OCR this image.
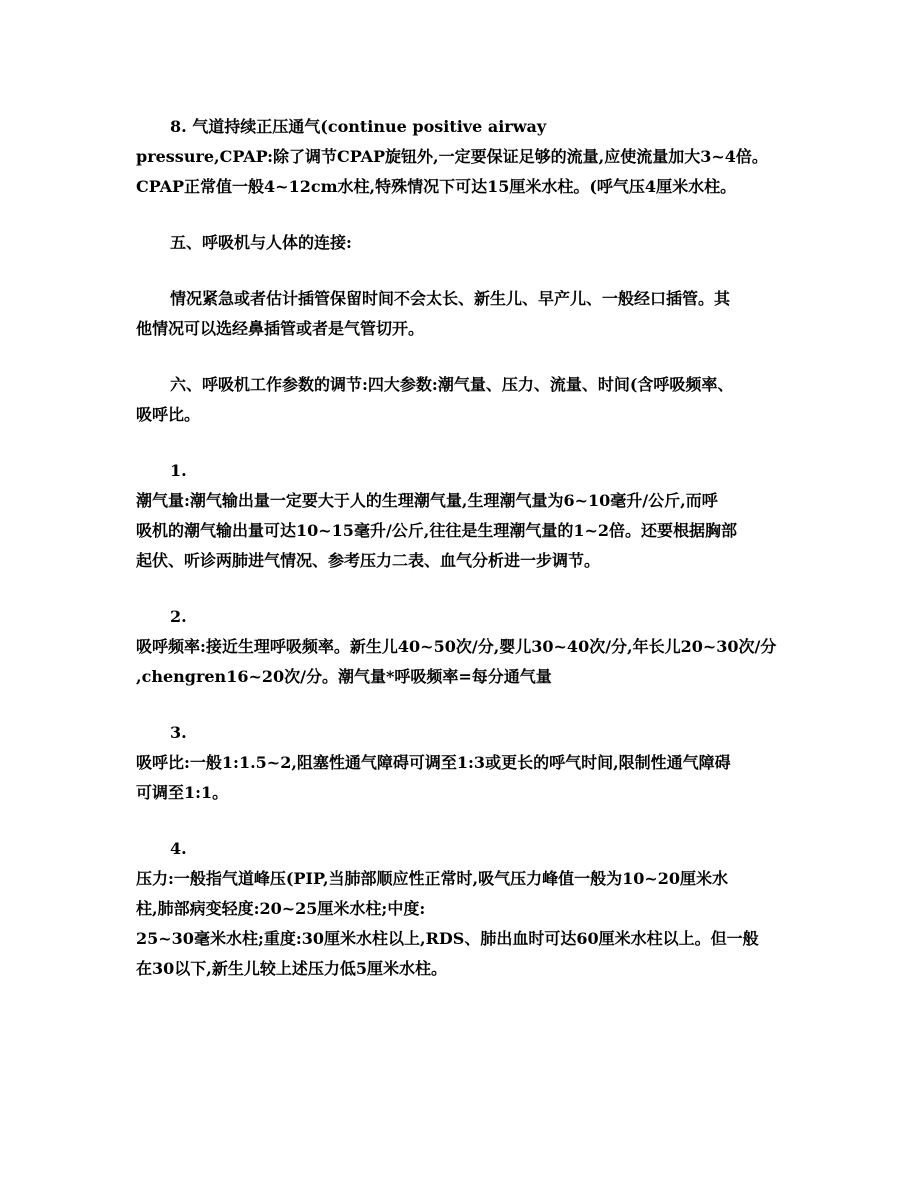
8. 气道持续正压通气(continue positive airway
pressure,CPAP:除了调节CPAP旋钮外,一定要保证足够的流量,应使流量加大3~4倍。
CPAP正常值一般4~12cm水柱,特殊情况下可达15厘米水柱。(呼气压4厘米水柱。
五、呼吸机与人体的连接:
情况紧急或者估计插管保留时间不会太长、新生儿、早产儿、一般经口插管。其
他情况可以选经鼻插管或者是气管切开。
六、呼吸机工作参数的调节:四大参数:潮气量、压力、流量、时间(含呼吸频率、
吸呼比。
1.
潮气量:潮气输出量一定要大于人的生理潮气量,生理潮气量为6~10毫升/公斤,而呼
吸机的潮气输出量可达10~15毫升/公斤,往往是生理潮气量的1~2倍。还要根据胸部
起伏、听诊两肺进气情况、参考压力二表、血气分析进一步调节。
2.
吸呼频率:接近生理呼吸频率。新生儿40~50次/分,婴儿30~40次/分,年长儿20~30次/分
,chengren16~20次/分。潮气量*呼吸频率=每分通气量
3.
吸呼比:一般1:1.5~2,阻塞性通气障碍可调至1:3或更长的呼气时间,限制性通气障碍
可调至1:1。
4.
压力:一般指气道峰压(PIP,当肺部顺应性正常时,吸气压力峰值一般为10~20厘米水
柱,肺部病变轻度:20~25厘米水柱;中度:
25~30毫米水柱;重度:30厘米水柱以上,RDS、肺出血时可达60厘米水柱以上。但一般
在30以下,新生儿较上述压力低5厘米水柱。
